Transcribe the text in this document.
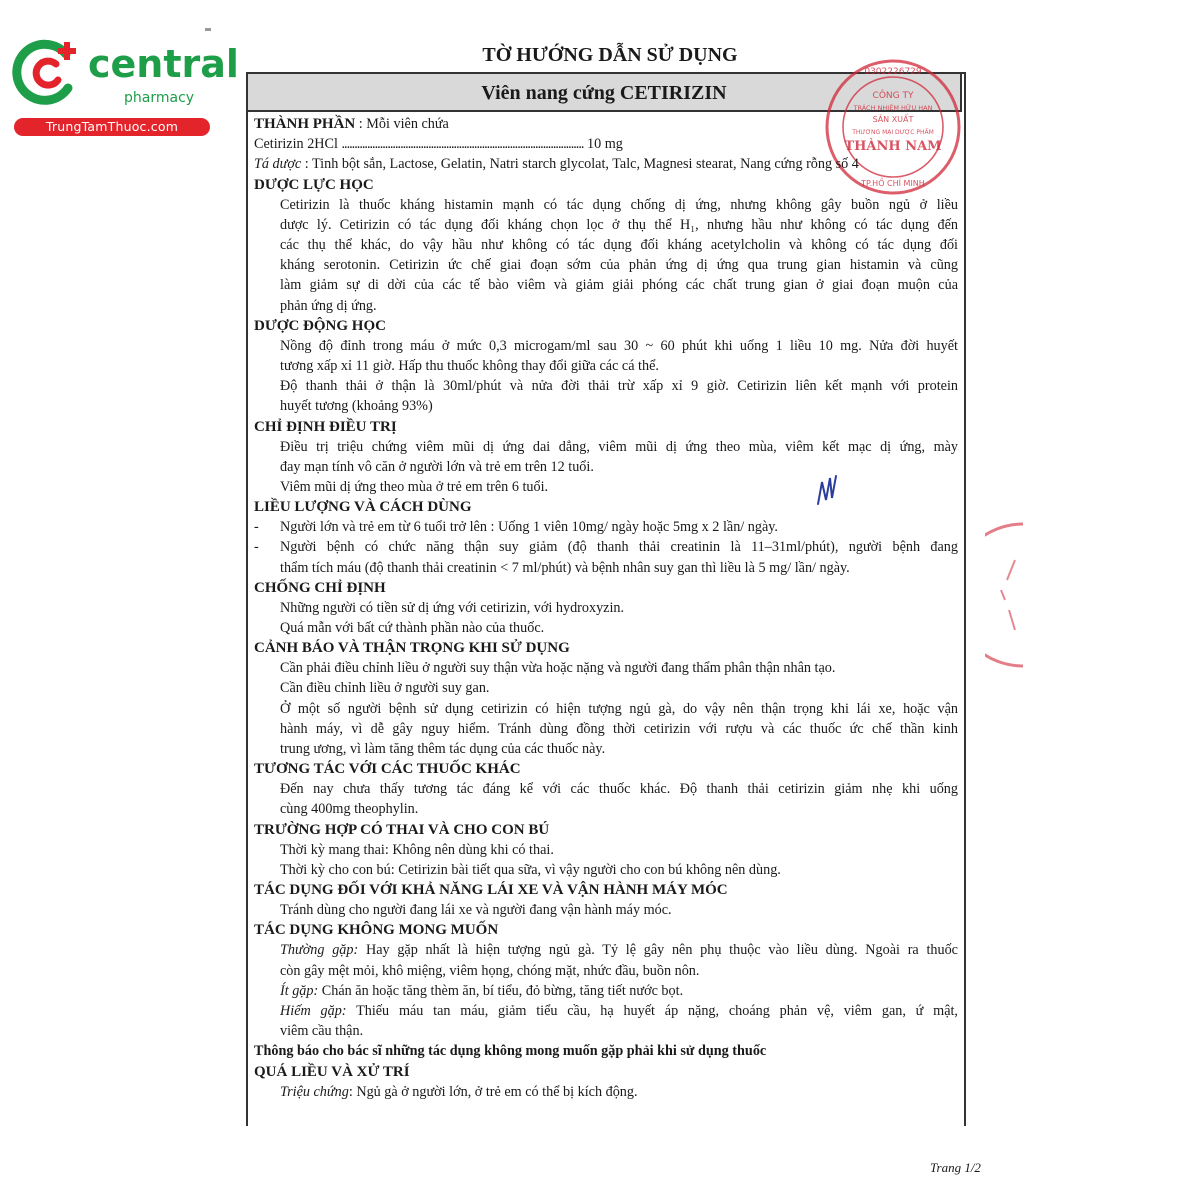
central
pharmacy
TrungTamThuoc.com
TỜ HƯỚNG DẪN SỬ DỤNG
Viên nang cứng CETIRIZIN
0302226729
CÔNG TY
TRÁCH NHIỆM HỮU HẠN
SẢN XUẤT
THƯƠNG MẠI DƯỢC PHẨM
THÀNH NAM
TP.HỒ CHÍ MINH
THÀNH PHẦN : Mỗi viên chứa
Cetirizin 2HCl ............................................................................................... 10 mg
Tá dược : Tinh bột sắn, Lactose, Gelatin, Natri starch glycolat, Talc, Magnesi stearat, Nang cứng rỗng số 4
DƯỢC LỰC HỌC
Cetirizin là thuốc kháng histamin mạnh có tác dụng chống dị ứng, nhưng không gây buồn ngủ ở liều
dược lý. Cetirizin có tác dụng đối kháng chọn lọc ở thụ thể H₁, nhưng hầu như không có tác dụng đến
các thụ thể khác, do vậy hầu như không có tác dụng đối kháng acetylcholin và không có tác dụng đối
kháng serotonin. Cetirizin ức chế giai đoạn sớm của phản ứng dị ứng qua trung gian histamin và cũng
làm giảm sự di dời của các tế bào viêm và giảm giải phóng các chất trung gian ở giai đoạn muộn của
phản ứng dị ứng.
DƯỢC ĐỘNG HỌC
Nồng độ đỉnh trong máu ở mức 0,3 microgam/ml sau 30 ~ 60 phút khi uống 1 liều 10 mg. Nửa đời huyết
tương xấp xỉ 11 giờ. Hấp thu thuốc không thay đổi giữa các cá thể.
Độ thanh thải ở thận là 30ml/phút và nửa đời thải trừ xấp xỉ 9 giờ. Cetirizin liên kết mạnh với protein
huyết tương (khoảng 93%)
CHỈ ĐỊNH ĐIỀU TRỊ
Điều trị triệu chứng viêm mũi dị ứng dai dẳng, viêm mũi dị ứng theo mùa, viêm kết mạc dị ứng, mày
đay mạn tính vô căn ở người lớn và trẻ em trên 12 tuổi.
Viêm mũi dị ứng theo mùa ở trẻ em trên 6 tuổi.
LIỀU LƯỢNG VÀ CÁCH DÙNG
- Người lớn và trẻ em từ 6 tuổi trở lên : Uống 1 viên 10mg/ ngày hoặc 5mg x 2 lần/ ngày.
-	Người bệnh có chức năng thận suy giảm (độ thanh thải creatinin là 11–31ml/phút), người bệnh đang
thẩm tích máu (độ thanh thải creatinin < 7 ml/phút) và bệnh nhân suy gan thì liều là 5 mg/ lần/ ngày.
CHỐNG CHỈ ĐỊNH
Những người có tiền sử dị ứng với cetirizin, với hydroxyzin.
Quá mẫn với bất cứ thành phần nào của thuốc.
CẢNH BÁO VÀ THẬN TRỌNG KHI SỬ DỤNG
Cần phải điều chỉnh liều ở người suy thận vừa hoặc nặng và người đang thẩm phân thận nhân tạo.
Cần điều chỉnh liều ở người suy gan.
Ở một số người bệnh sử dụng cetirizin có hiện tượng ngủ gà, do vậy nên thận trọng khi lái xe, hoặc vận
hành máy, vì dễ gây nguy hiểm. Tránh dùng đồng thời cetirizin với rượu và các thuốc ức chế thần kinh
trung ương, vì làm tăng thêm tác dụng của các thuốc này.
TƯƠNG TÁC VỚI CÁC THUỐC KHÁC
Đến nay chưa thấy tương tác đáng kể với các thuốc khác. Độ thanh thải cetirizin giảm nhẹ khi uống
cùng 400mg theophylin.
TRƯỜNG HỢP CÓ THAI VÀ CHO CON BÚ
Thời kỳ mang thai: Không nên dùng khi có thai.
Thời kỳ cho con bú: Cetirizin bài tiết qua sữa, vì vậy người cho con bú không nên dùng.
TÁC DỤNG ĐỐI VỚI KHẢ NĂNG LÁI XE VÀ VẬN HÀNH MÁY MÓC
Tránh dùng cho người đang lái xe và người đang vận hành máy móc.
TÁC DỤNG KHÔNG MONG MUỐN
Thường gặp: Hay gặp nhất là hiện tượng ngủ gà. Tỷ lệ gây nên phụ thuộc vào liều dùng. Ngoài ra thuốc
còn gây mệt mỏi, khô miệng, viêm họng, chóng mặt, nhức đầu, buồn nôn.
Ít gặp: Chán ăn hoặc tăng thèm ăn, bí tiểu, đỏ bừng, tăng tiết nước bọt.
Hiếm gặp: Thiếu máu tan máu, giảm tiểu cầu, hạ huyết áp nặng, choáng phản vệ, viêm gan, ứ mật,
viêm cầu thận.
Thông báo cho bác sĩ những tác dụng không mong muốn gặp phải khi sử dụng thuốc
QUÁ LIỀU VÀ XỬ TRÍ
Triệu chứng: Ngủ gà ở người lớn, ở trẻ em có thể bị kích động.
Trang 1/2
